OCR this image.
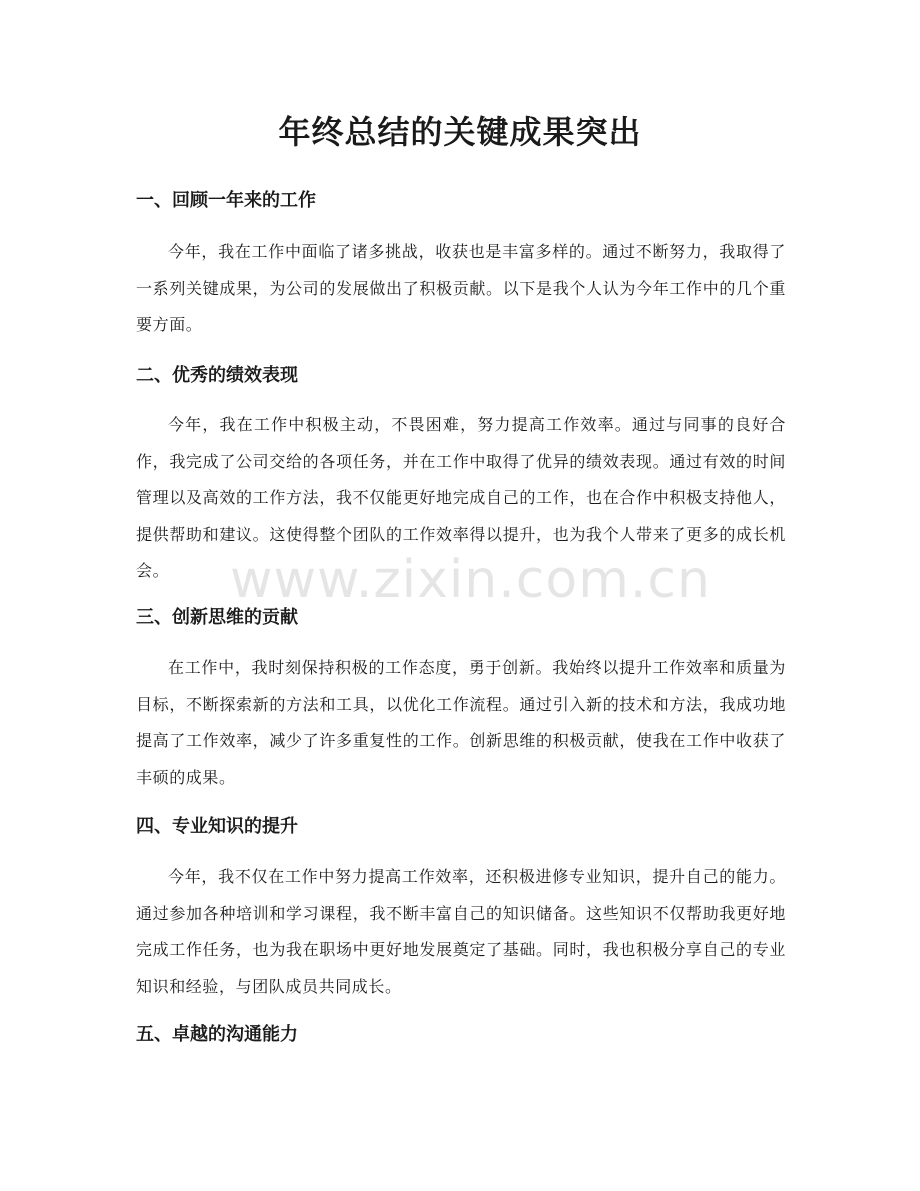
年终总结的关键成果突出
一、回顾一年来的工作

今年，我在工作中面临了诸多挑战，收获也是丰富多样的。通过不断努力，我取得了一系列关键成果，为公司的发展做出了积极贡献。以下是我个人认为今年工作中的几个重要方面。

二、优秀的绩效表现

今年，我在工作中积极主动，不畏困难，努力提高工作效率。通过与同事的良好合作，我完成了公司交给的各项任务，并在工作中取得了优异的绩效表现。通过有效的时间管理以及高效的工作方法，我不仅能更好地完成自己的工作，也在合作中积极支持他人，提供帮助和建议。这使得整个团队的工作效率得以提升，也为我个人带来了更多的成长机会。

三、创新思维的贡献

在工作中，我时刻保持积极的工作态度，勇于创新。我始终以提升工作效率和质量为目标，不断探索新的方法和工具，以优化工作流程。通过引入新的技术和方法，我成功地提高了工作效率，减少了许多重复性的工作。创新思维的积极贡献，使我在工作中收获了丰硕的成果。

四、专业知识的提升

今年，我不仅在工作中努力提高工作效率，还积极进修专业知识，提升自己的能力。通过参加各种培训和学习课程，我不断丰富自己的知识储备。这些知识不仅帮助我更好地完成工作任务，也为我在职场中更好地发展奠定了基础。同时，我也积极分享自己的专业知识和经验，与团队成员共同成长。

五、卓越的沟通能力
www.zixin.com.cn
